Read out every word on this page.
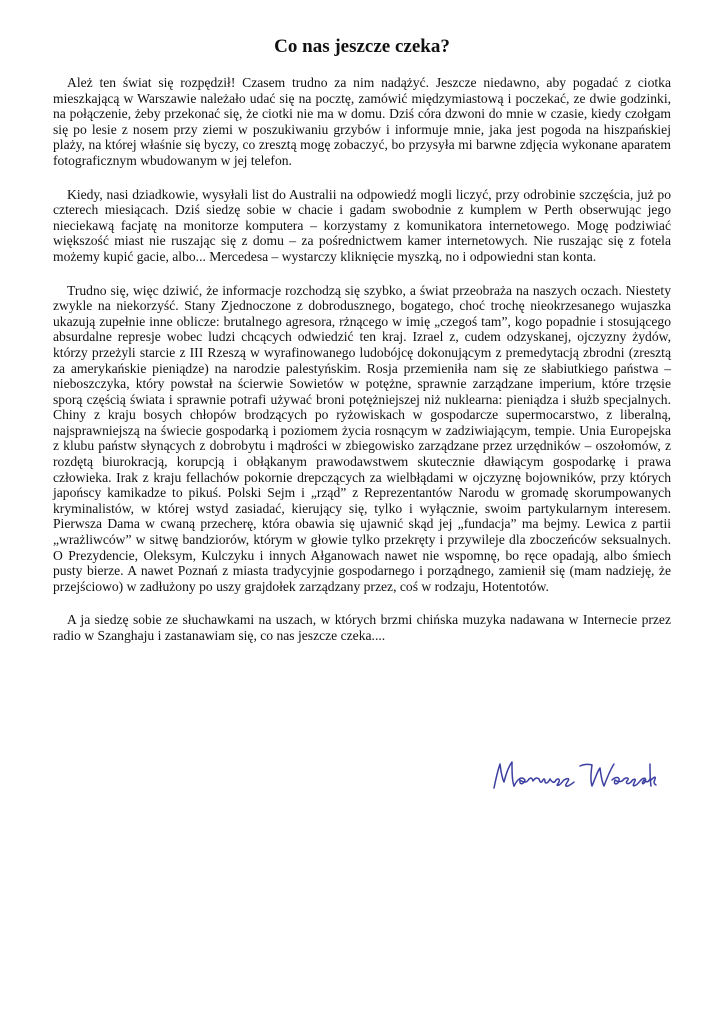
Co nas jeszcze czeka?

Ależ ten świat się rozpędził! Czasem trudno za nim nadążyć. Jeszcze niedawno, aby pogadać z ciotka mieszkającą w Warszawie należało udać się na pocztę, zamówić międzymiastową i poczekać, ze dwie godzinki, na połączenie, żeby przekonać się, że ciotki nie ma w domu. Dziś córa dzwoni do mnie w czasie, kiedy czołgam się po lesie z nosem przy ziemi w poszukiwaniu grzybów i informuje mnie, jaka jest pogoda na hiszpańskiej plaży, na której właśnie się byczy, co zresztą mogę zobaczyć, bo przysyła mi barwne zdjęcia wykonane aparatem fotograficznym wbudowanym w jej telefon.

Kiedy, nasi dziadkowie, wysyłali list do Australii na odpowiedź mogli liczyć, przy odrobinie szczęścia, już po czterech miesiącach. Dziś siedzę sobie w chacie i gadam swobodnie z kumplem w Perth obserwując jego nieciekawą facjatę na monitorze komputera – korzystamy z komunikatora internetowego. Mogę podziwiać większość miast nie ruszając się z domu – za pośrednictwem kamer internetowych. Nie ruszając się z fotela możemy kupić gacie, albo... Mercedesa – wystarczy kliknięcie myszką, no i odpowiedni stan konta.

Trudno się, więc dziwić, że informacje rozchodzą się szybko, a świat przeobraża na naszych oczach. Niestety zwykle na niekorzyść. Stany Zjednoczone z dobrodusznego, bogatego, choć trochę nieokrzesanego wujaszka ukazują zupełnie inne oblicze: brutalnego agresora, rżnącego w imię „czegoś tam”, kogo popadnie i stosującego absurdalne represje wobec ludzi chcących odwiedzić ten kraj. Izrael z, cudem odzyskanej, ojczyzny żydów, którzy przeżyli starcie z III Rzeszą w wyrafinowanego ludobójcę dokonującym z premedytacją zbrodni (zresztą za amerykańskie pieniądze) na narodzie palestyńskim. Rosja przemieniła nam się ze słabiutkiego państwa – nieboszczyka, który powstał na ścierwie Sowietów w potężne, sprawnie zarządzane imperium, które trzęsie sporą częścią świata i sprawnie potrafi używać broni potężniejszej niż nuklearna: pieniądza i służb specjalnych. Chiny z kraju bosych chłopów brodzących po ryżowiskach w gospodarcze supermocarstwo, z liberalną, najsprawniejszą na świecie gospodarką i poziomem życia rosnącym w zadziwiającym, tempie. Unia Europejska z klubu państw słynących z dobrobytu i mądrości w zbiegowisko zarządzane przez urzędników – oszołomów, z rozdętą biurokracją, korupcją i obłąkanym prawodawstwem skutecznie dławiącym gospodarkę i prawa człowieka. Irak z kraju fellachów pokornie drepczących za wielbłądami w ojczyznę bojowników, przy których japońscy kamikadze to pikuś. Polski Sejm i „rząd” z Reprezentantów Narodu w gromadę skorumpowanych kryminalistów, w której wstyd zasiadać, kierujący się, tylko i wyłącznie, swoim partykularnym interesem. Pierwsza Dama w cwaną przecherę, która obawia się ujawnić skąd jej „fundacja” ma bejmy. Lewica z partii „wrażliwców” w sitwę bandziorów, którym w głowie tylko przekręty i przywileje dla zboczeńców seksualnych. O Prezydencie, Oleksym, Kulczyku i innych Ałganowach nawet nie wspomnę, bo ręce opadają, albo śmiech pusty bierze. A nawet Poznań z miasta tradycyjnie gospodarnego i porządnego, zamienił się (mam nadzieję, że przejściowo) w zadłużony po uszy grajdołek zarządzany przez, coś w rodzaju, Hotentotów.

A ja siedzę sobie ze słuchawkami na uszach, w których brzmi chińska muzyka nadawana w Internecie przez radio w Szanghaju i zastanawiam się, co nas jeszcze czeka....
